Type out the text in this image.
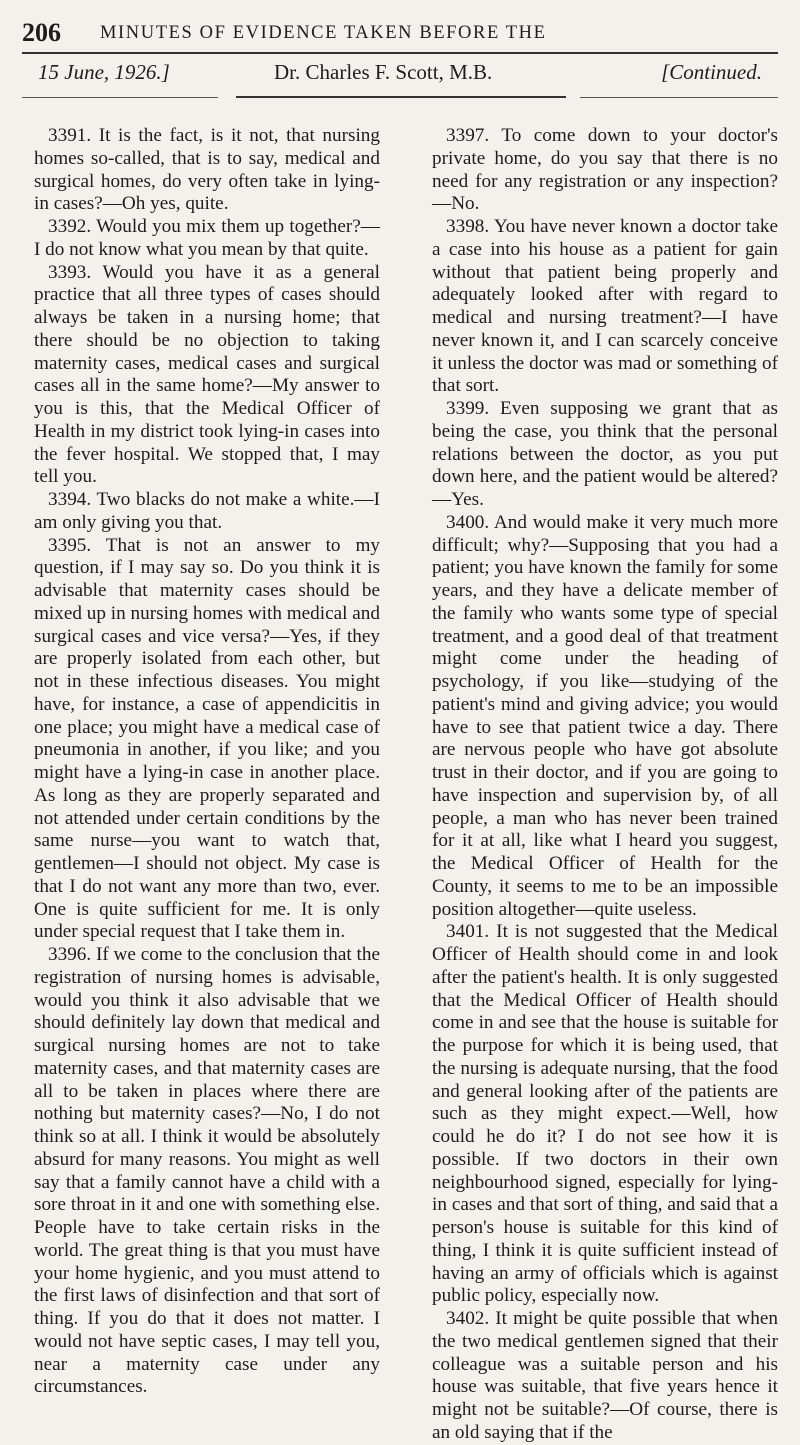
206 MINUTES OF EVIDENCE TAKEN BEFORE THE
15 June, 1926.]	Dr. Charles F. Scott, M.B.	[Continued.

3391. It is the fact, is it not, that nursing homes so-called, that is to say, medical and surgical homes, do very often take in lying-in cases?—Oh yes, quite.

3392. Would you mix them up together?—I do not know what you mean by that quite.

3393. Would you have it as a general practice that all three types of cases should always be taken in a nursing home; that there should be no objection to taking maternity cases, medical cases and surgical cases all in the same home?—My answer to you is this, that the Medical Officer of Health in my district took lying-in cases into the fever hospital. We stopped that, I may tell you.

3394. Two blacks do not make a white.—I am only giving you that.

3395. That is not an answer to my question, if I may say so. Do you think it is advisable that maternity cases should be mixed up in nursing homes with medical and surgical cases and vice versa?—Yes, if they are properly isolated from each other, but not in these infectious diseases. You might have, for instance, a case of appendicitis in one place; you might have a medical case of pneumonia in another, if you like; and you might have a lying-in case in another place. As long as they are properly separated and not attended under certain conditions by the same nurse—you want to watch that, gentlemen—I should not object. My case is that I do not want any more than two, ever. One is quite sufficient for me. It is only under special request that I take them in.

3396. If we come to the conclusion that the registration of nursing homes is advisable, would you think it also advisable that we should definitely lay down that medical and surgical nursing homes are not to take maternity cases, and that maternity cases are all to be taken in places where there are nothing but maternity cases?—No, I do not think so at all. I think it would be absolutely absurd for many reasons. You might as well say that a family cannot have a child with a sore throat in it and one with something else. People have to take certain risks in the world. The great thing is that you must have your home hygienic, and you must attend to the first laws of disinfection and that sort of thing. If you do that it does not matter. I would not have septic cases, I may tell you, near a maternity case under any circumstances.

3397. To come down to your doctor's private home, do you say that there is no need for any registration or any inspection?—No.

3398. You have never known a doctor take a case into his house as a patient for gain without that patient being properly and adequately looked after with regard to medical and nursing treatment?—I have never known it, and I can scarcely conceive it unless the doctor was mad or something of that sort.

3399. Even supposing we grant that as being the case, you think that the personal relations between the doctor, as you put down here, and the patient would be altered?—Yes.

3400. And would make it very much more difficult; why?—Supposing that you had a patient; you have known the family for some years, and they have a delicate member of the family who wants some type of special treatment, and a good deal of that treatment might come under the heading of psychology, if you like—studying of the patient's mind and giving advice; you would have to see that patient twice a day. There are nervous people who have got absolute trust in their doctor, and if you are going to have inspection and supervision by, of all people, a man who has never been trained for it at all, like what I heard you suggest, the Medical Officer of Health for the County, it seems to me to be an impossible position altogether—quite useless.

3401. It is not suggested that the Medical Officer of Health should come in and look after the patient's health. It is only suggested that the Medical Officer of Health should come in and see that the house is suitable for the purpose for which it is being used, that the nursing is adequate nursing, that the food and general looking after of the patients are such as they might expect.—Well, how could he do it? I do not see how it is possible. If two doctors in their own neighbourhood signed, especially for lying-in cases and that sort of thing, and said that a person's house is suitable for this kind of thing, I think it is quite sufficient instead of having an army of officials which is against public policy, especially now.

3402. It might be quite possible that when the two medical gentlemen signed that their colleague was a suitable person and his house was suitable, that five years hence it might not be suitable?—Of course, there is an old saying that if the
